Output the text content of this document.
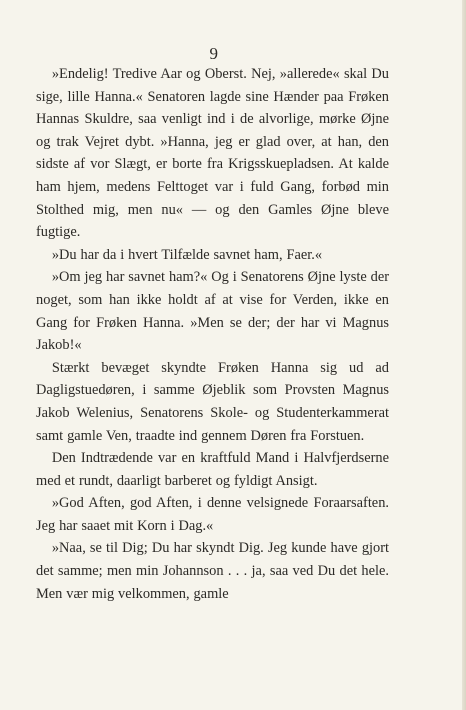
9

»Endelig! Tredive Aar og Oberst. Nej, »allerede« skal Du sige, lille Hanna.« Senatoren lagde sine Hænder paa Frøken Hannas Skuldre, saa venligt ind i de alvorlige, mørke Øjne og trak Vejret dybt. »Hanna, jeg er glad over, at han, den sidste af vor Slægt, er borte fra Krigsskuepladsen. At kalde ham hjem, medens Felttoget var i fuld Gang, forbød min Stolthed mig, men nu« — og den Gamles Øjne bleve fugtige.

»Du har da i hvert Tilfælde savnet ham, Faer.«

»Om jeg har savnet ham?« Og i Senatorens Øjne lyste der noget, som han ikke holdt af at vise for Verden, ikke en Gang for Frøken Hanna. »Men se der; der har vi Magnus Jakob!«

Stærkt bevæget skyndte Frøken Hanna sig ud ad Dagligstuedøren, i samme Øjeblik som Provsten Magnus Jakob Welenius, Senatorens Skole- og Studenterkammerat samt gamle Ven, traadte ind gennem Døren fra Forstuen.

Den Indtrædende var en kraftfuld Mand i Halvfjerdserne med et rundt, daarligt barberet og fyldigt Ansigt.

»God Aften, god Aften, i denne velsignede Foraarsaften. Jeg har saaet mit Korn i Dag.«

»Naa, se til Dig; Du har skyndt Dig. Jeg kunde have gjort det samme; men min Johannson . . . ja, saa ved Du det hele. Men vær mig velkommen, gamle
